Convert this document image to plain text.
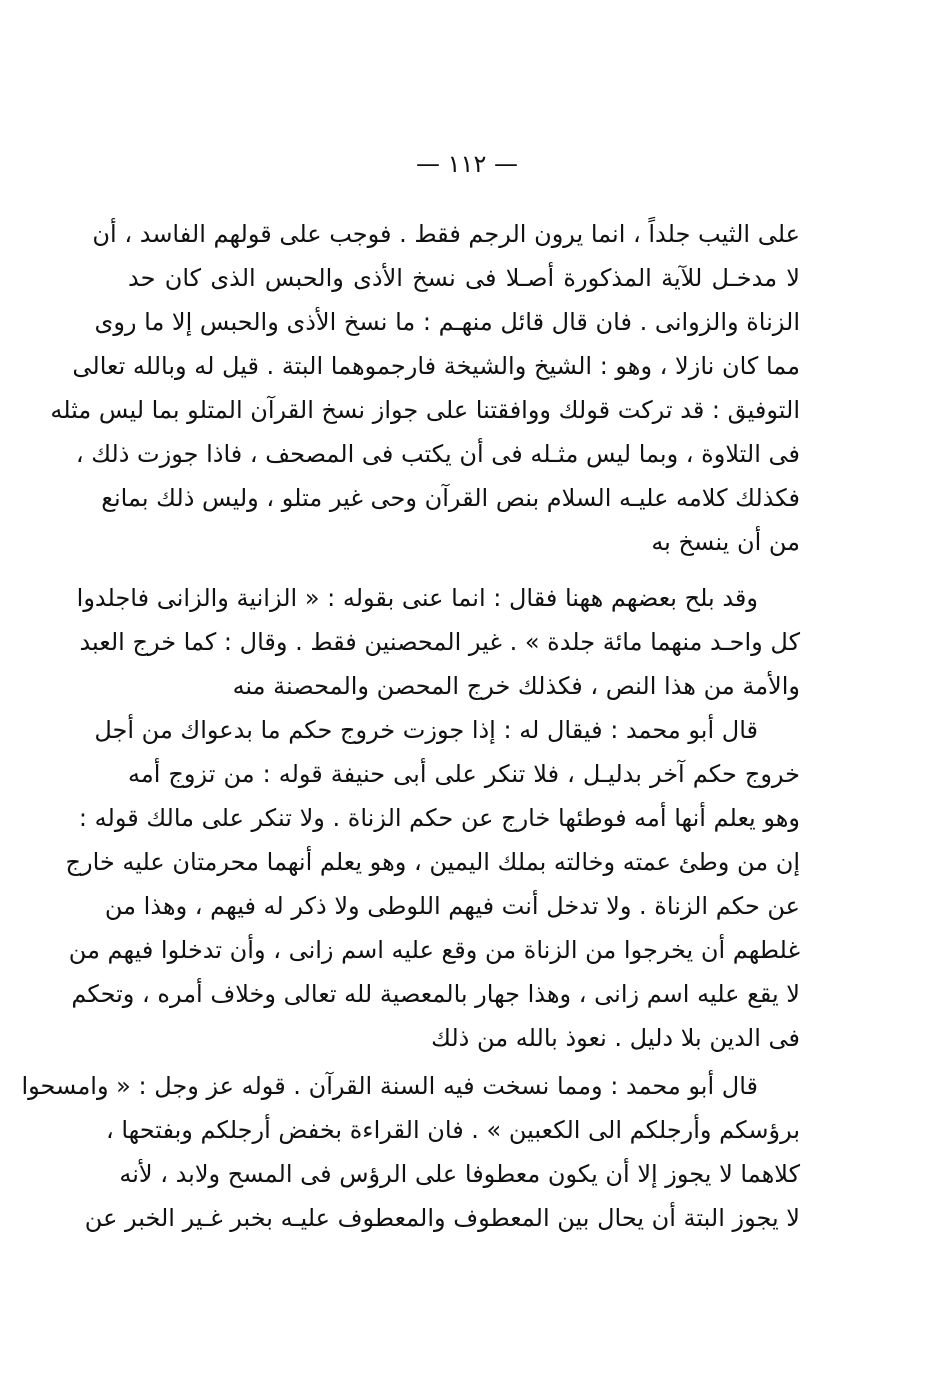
— ١١٢ —
على الثيب جلداً ، انما يرون الرجم فقط . فوجب على قولهم الفاسد ، أن
لا مدخـل للآية المذكورة أصـلا فى نسخ الأذى والحبس الذى كان حد
الزناة والزوانى . فان قال قائل منهـم : ما نسخ الأذى والحبس إلا ما روى
مما كان نازلا ، وهو : الشيخ والشيخة فارجموهما البتة . قيل له وبالله تعالى
التوفيق : قد تركت قولك ووافقتنا على جواز نسخ القرآن المتلو بما ليس مثله
فى التلاوة ، وبما ليس مثـله فى أن يكتب فى المصحف ، فاذا جوزت ذلك ،
فكذلك كلامه عليـه السلام بنص القرآن وحى غير متلو ، وليس ذلك بمانع
من أن ينسخ به
وقد بلح بعضهم ههنا فقال : انما عنى بقوله : « الزانية والزانى فاجلدوا
كل واحـد منهما مائة جلدة » . غير المحصنين فقط . وقال : كما خرج العبد
والأمة من هذا النص ، فكذلك خرج المحصن والمحصنة منه
قال أبو محمد : فيقال له : إذا جوزت خروج حكم ما بدعواك من أجل
خروج حكم آخر بدليـل ، فلا تنكر على أبى حنيفة قوله : من تزوج أمه
وهو يعلم أنها أمه فوطئها خارج عن حكم الزناة . ولا تنكر على مالك قوله :
إن من وطئ عمته وخالته بملك اليمين ، وهو يعلم أنهما محرمتان عليه خارج
عن حكم الزناة . ولا تدخل أنت فيهم اللوطى ولا ذكر له فيهم ، وهذا من
غلطهم أن يخرجوا من الزناة من وقع عليه اسم زانى ، وأن تدخلوا فيهم من
لا يقع عليه اسم زانى ، وهذا جهار بالمعصية لله تعالى وخلاف أمره ، وتحكم
فى الدين بلا دليل . نعوذ بالله من ذلك
قال أبو محمد : ومما نسخت فيه السنة القرآن . قوله عز وجل : « وامسحوا
برؤسكم وأرجلكم الى الكعبين » . فان القراءة بخفض أرجلكم وبفتحها ،
كلاهما لا يجوز إلا أن يكون معطوفا على الرؤس فى المسح ولابد ، لأنه
لا يجوز البتة أن يحال بين المعطوف والمعطوف عليـه بخبر غـير الخبر عن
